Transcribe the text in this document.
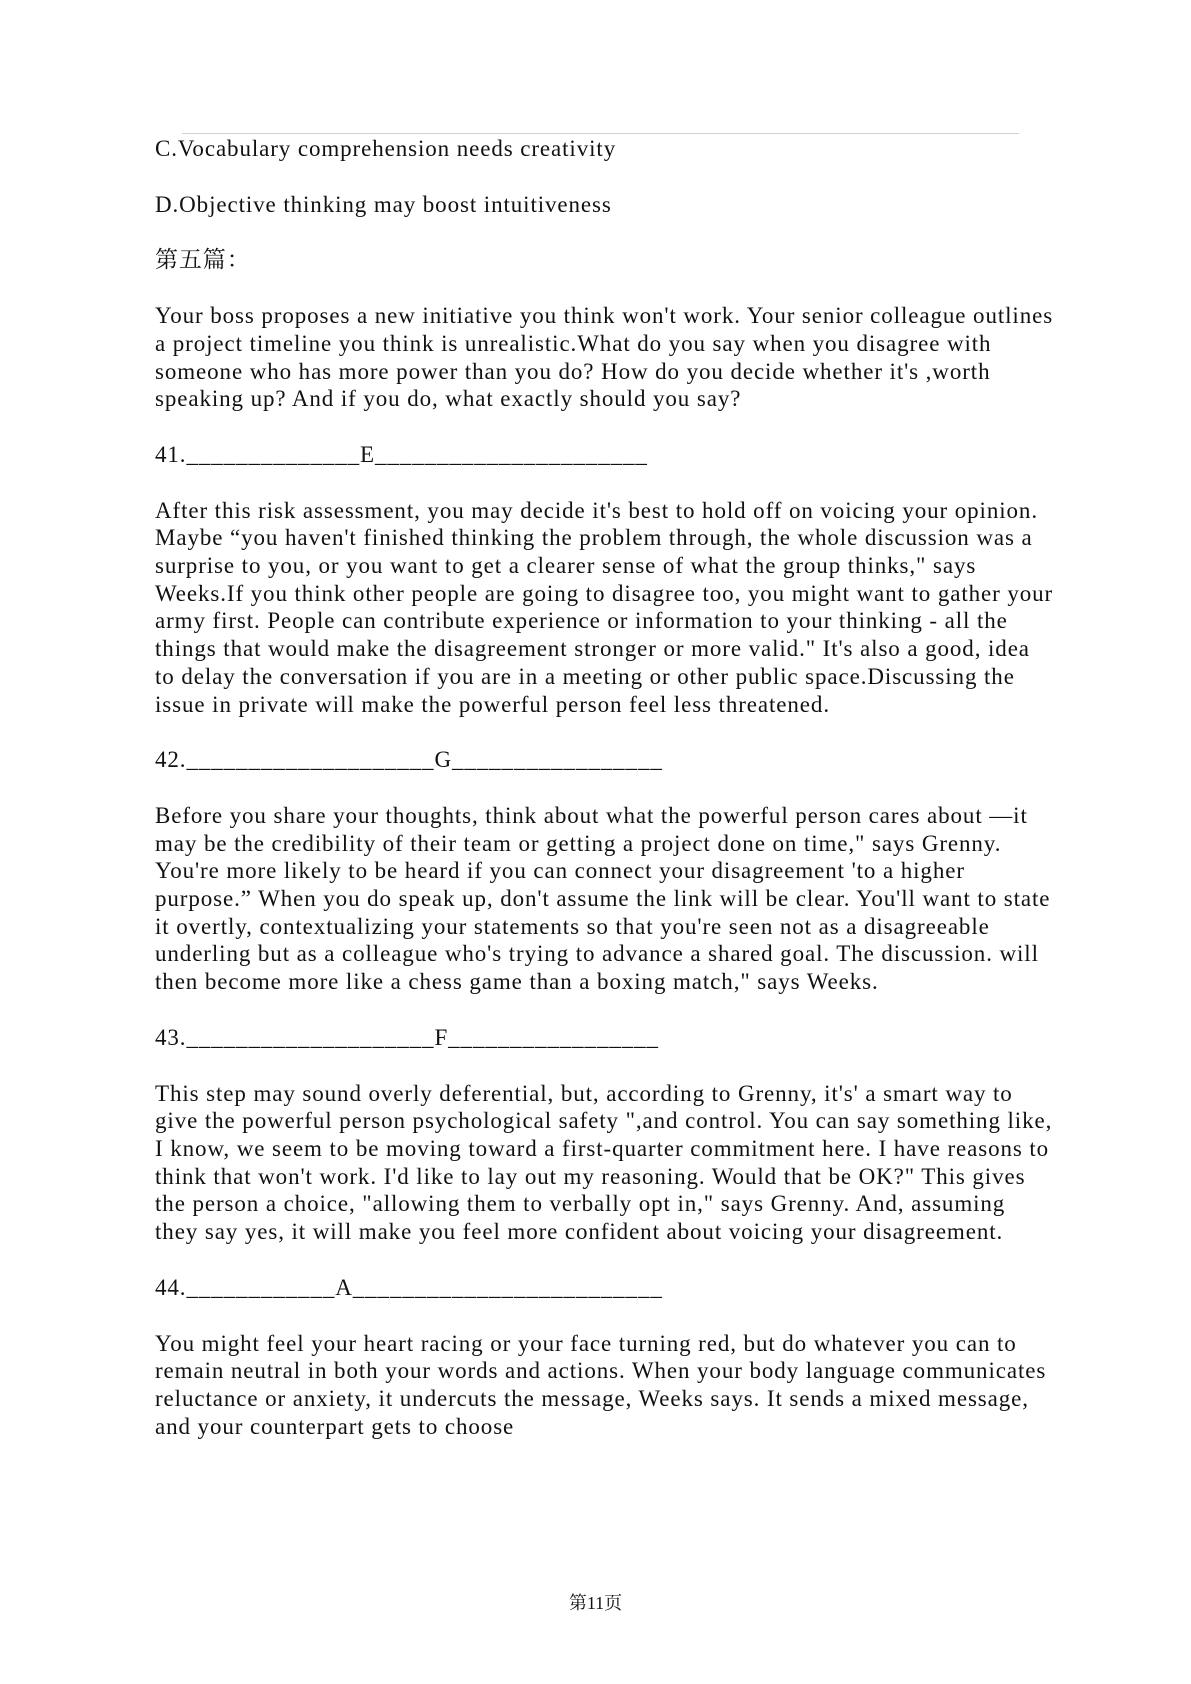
C.Vocabulary comprehension needs creativity

D.Objective thinking may boost intuitiveness

第五篇：

Your boss proposes a new initiative you think won't work. Your senior colleague outlines a project timeline you think is unrealistic.What do you say when you disagree with someone who has more power than you do? How do you decide whether it's ,worth speaking up? And if you do, what exactly should you say?

41.______________E______________________

After this risk assessment, you may decide it's best to hold off on voicing your opinion. Maybe “you haven't finished thinking the problem through, the whole discussion was a surprise to you, or you want to get a clearer sense of what the group thinks," says Weeks.If you think other people are going to disagree too, you might want to gather your army first. People can contribute experience or information to your thinking - all the things that would make the disagreement stronger or more valid." It's also a good, idea to delay the conversation if you are in a meeting or other public space.Discussing the issue in private will make the powerful person feel less threatened.

42.____________________G_________________

Before you share your thoughts, think about what the powerful person cares about —it may be the credibility of their team or getting a project done on time," says Grenny. You're more likely to be heard if you can connect your disagreement 'to a higher purpose.” When you do speak up, don't assume the link will be clear. You'll want to state it overtly, contextualizing your statements so that you're seen not as a disagreeable underling but as a colleague who's trying to advance a shared goal. The discussion. will then become more like a chess game than a boxing match," says Weeks.

43.____________________F_________________

This step may sound overly deferential, but, according to Grenny, it's' a smart way to give the powerful person psychological safety ",and control. You can say something like, I know, we seem to be moving toward a first-quarter commitment here. I have reasons to think that won't work. I'd like to lay out my reasoning. Would that be OK?" This gives the person a choice, "allowing them to verbally opt in," says Grenny. And, assuming they say yes, it will make you feel more confident about voicing your disagreement.

44.____________A_________________________

You might feel your heart racing or your face turning red, but do whatever you can to remain neutral in both your words and actions. When your body language communicates reluctance or anxiety, it undercuts the message, Weeks says. It sends a mixed message, and your counterpart gets to choose

第11页
